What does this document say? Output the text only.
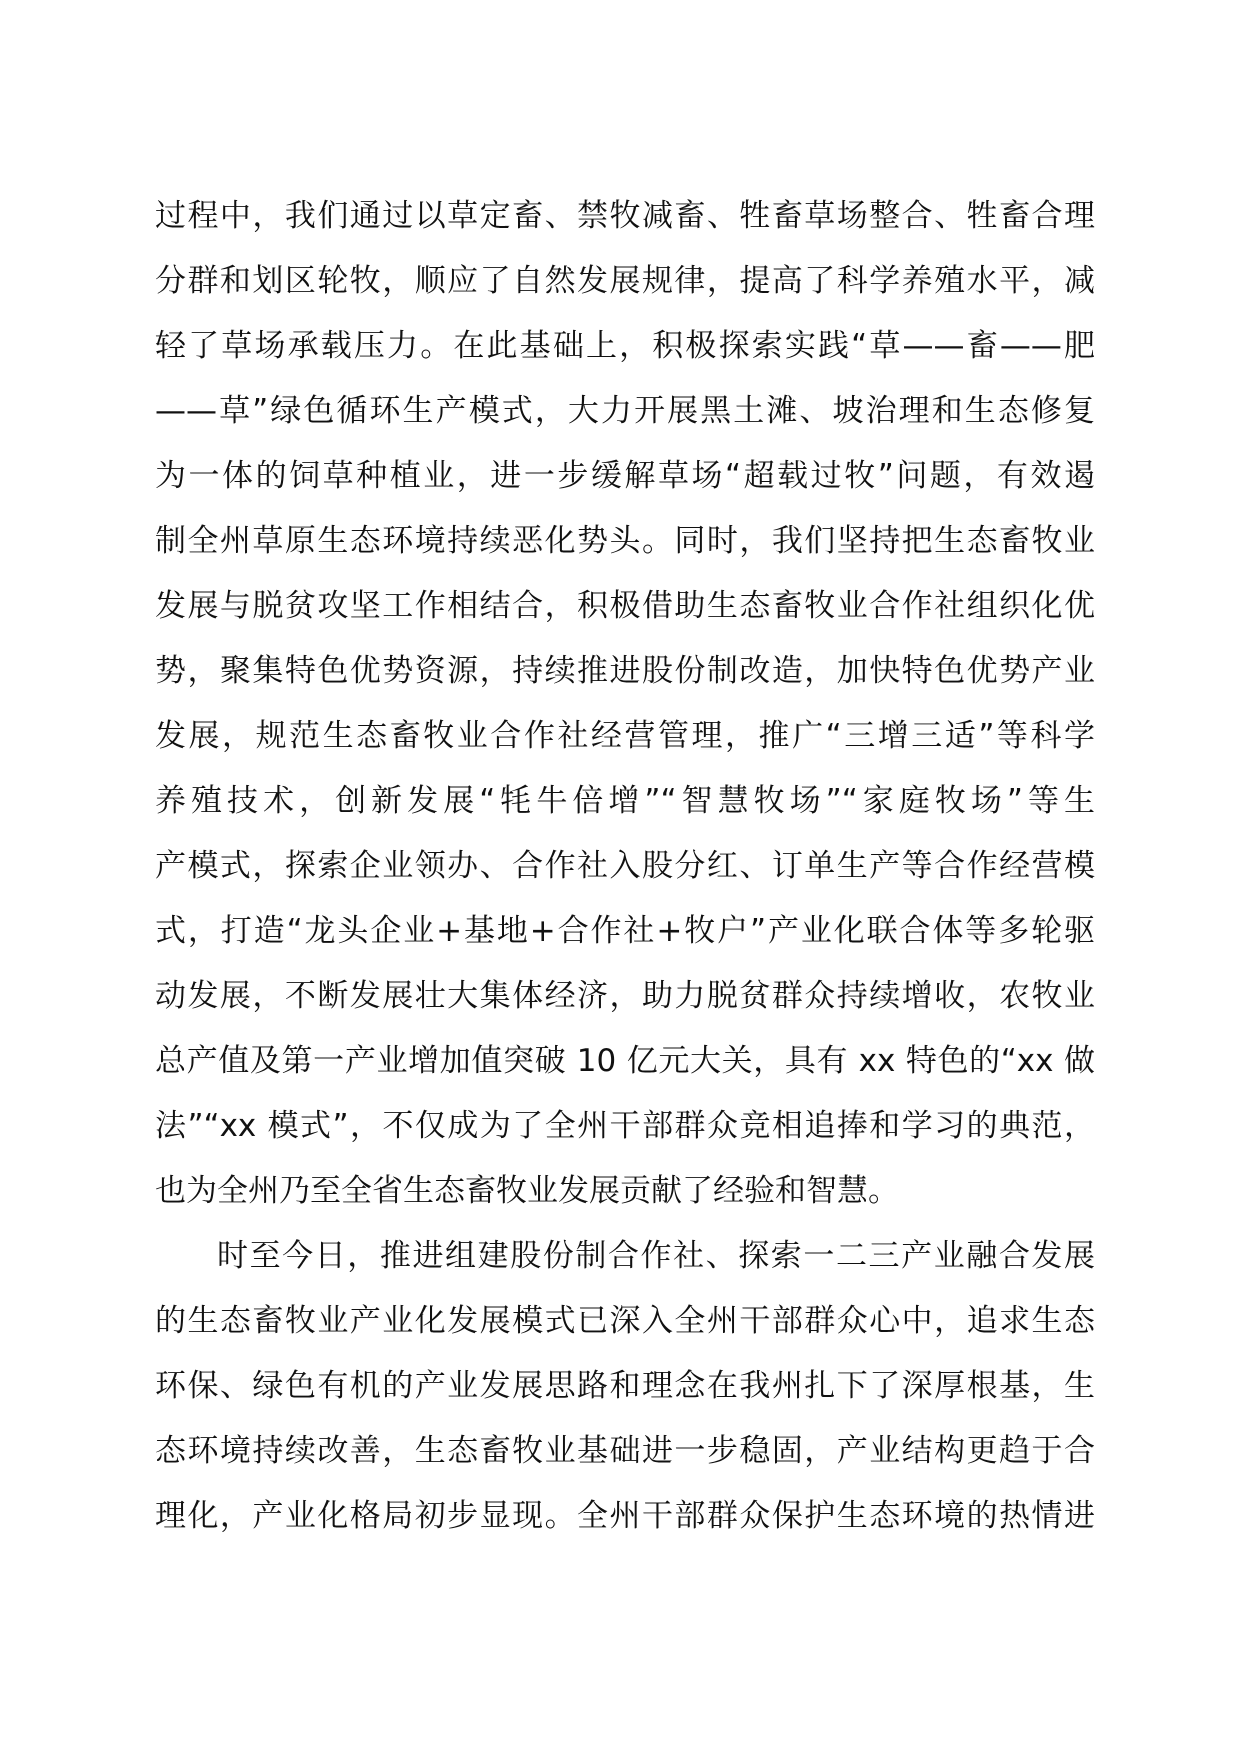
过程中，我们通过以草定畜、禁牧减畜、牲畜草场整合、牲畜合理
分群和划区轮牧，顺应了自然发展规律，提高了科学养殖水平，减
轻了草场承载压力。在此基础上，积极探索实践“草——畜——肥
——草”绿色循环生产模式，大力开展黑土滩、坡治理和生态修复
为一体的饲草种植业，进一步缓解草场“超载过牧”问题，有效遏
制全州草原生态环境持续恶化势头。同时，我们坚持把生态畜牧业
发展与脱贫攻坚工作相结合，积极借助生态畜牧业合作社组织化优
势，聚集特色优势资源，持续推进股份制改造，加快特色优势产业
发展，规范生态畜牧业合作社经营管理，推广“三增三适”等科学
养殖技术，创新发展“牦牛倍增”“智慧牧场”“家庭牧场”等生
产模式，探索企业领办、合作社入股分红、订单生产等合作经营模
式，打造“龙头企业+基地+合作社+牧户”产业化联合体等多轮驱
动发展，不断发展壮大集体经济，助力脱贫群众持续增收，农牧业
总产值及第一产业增加值突破 10 亿元大关，具有 xx 特色的“xx 做
法”“xx 模式”，不仅成为了全州干部群众竞相追捧和学习的典范，
也为全州乃至全省生态畜牧业发展贡献了经验和智慧。
时至今日，推进组建股份制合作社、探索一二三产业融合发展
的生态畜牧业产业化发展模式已深入全州干部群众心中，追求生态
环保、绿色有机的产业发展思路和理念在我州扎下了深厚根基，生
态环境持续改善，生态畜牧业基础进一步稳固，产业结构更趋于合
理化，产业化格局初步显现。全州干部群众保护生态环境的热情进
